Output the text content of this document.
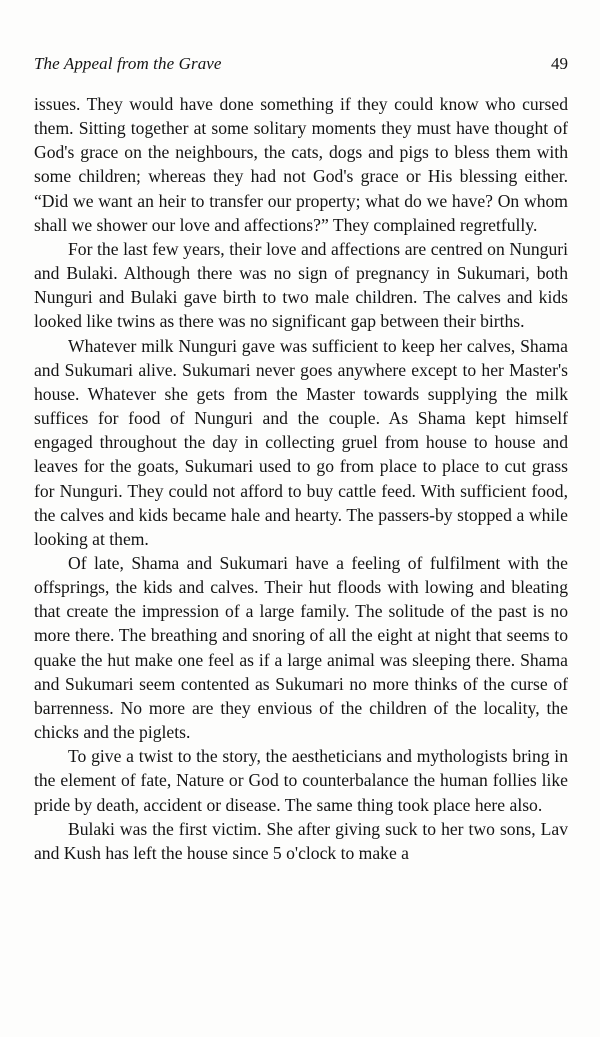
The Appeal from the Grave	49

issues. They would have done something if they could know who cursed them. Sitting together at some solitary moments they must have thought of God's grace on the neighbours, the cats, dogs and pigs to bless them with some children; whereas they had not God's grace or His blessing either. “Did we want an heir to transfer our property; what do we have? On whom shall we shower our love and affections?” They complained regretfully.

For the last few years, their love and affections are centred on Nunguri and Bulaki. Although there was no sign of pregnancy in Sukumari, both Nunguri and Bulaki gave birth to two male children. The calves and kids looked like twins as there was no significant gap between their births.

Whatever milk Nunguri gave was sufficient to keep her calves, Shama and Sukumari alive. Sukumari never goes anywhere except to her Master's house. Whatever she gets from the Master towards supplying the milk suffices for food of Nunguri and the couple. As Shama kept himself engaged throughout the day in collecting gruel from house to house and leaves for the goats, Sukumari used to go from place to place to cut grass for Nunguri. They could not afford to buy cattle feed. With sufficient food, the calves and kids became hale and hearty. The passers-by stopped a while looking at them.

Of late, Shama and Sukumari have a feeling of fulfilment with the offsprings, the kids and calves. Their hut floods with lowing and bleating that create the impression of a large family. The solitude of the past is no more there. The breathing and snoring of all the eight at night that seems to quake the hut make one feel as if a large animal was sleeping there. Shama and Sukumari seem contented as Sukumari no more thinks of the curse of barrenness. No more are they envious of the children of the locality, the chicks and the piglets.

To give a twist to the story, the aestheticians and mythologists bring in the element of fate, Nature or God to counterbalance the human follies like pride by death, accident or disease. The same thing took place here also.

Bulaki was the first victim. She after giving suck to her two sons, Lav and Kush has left the house since 5 o'clock to make a
